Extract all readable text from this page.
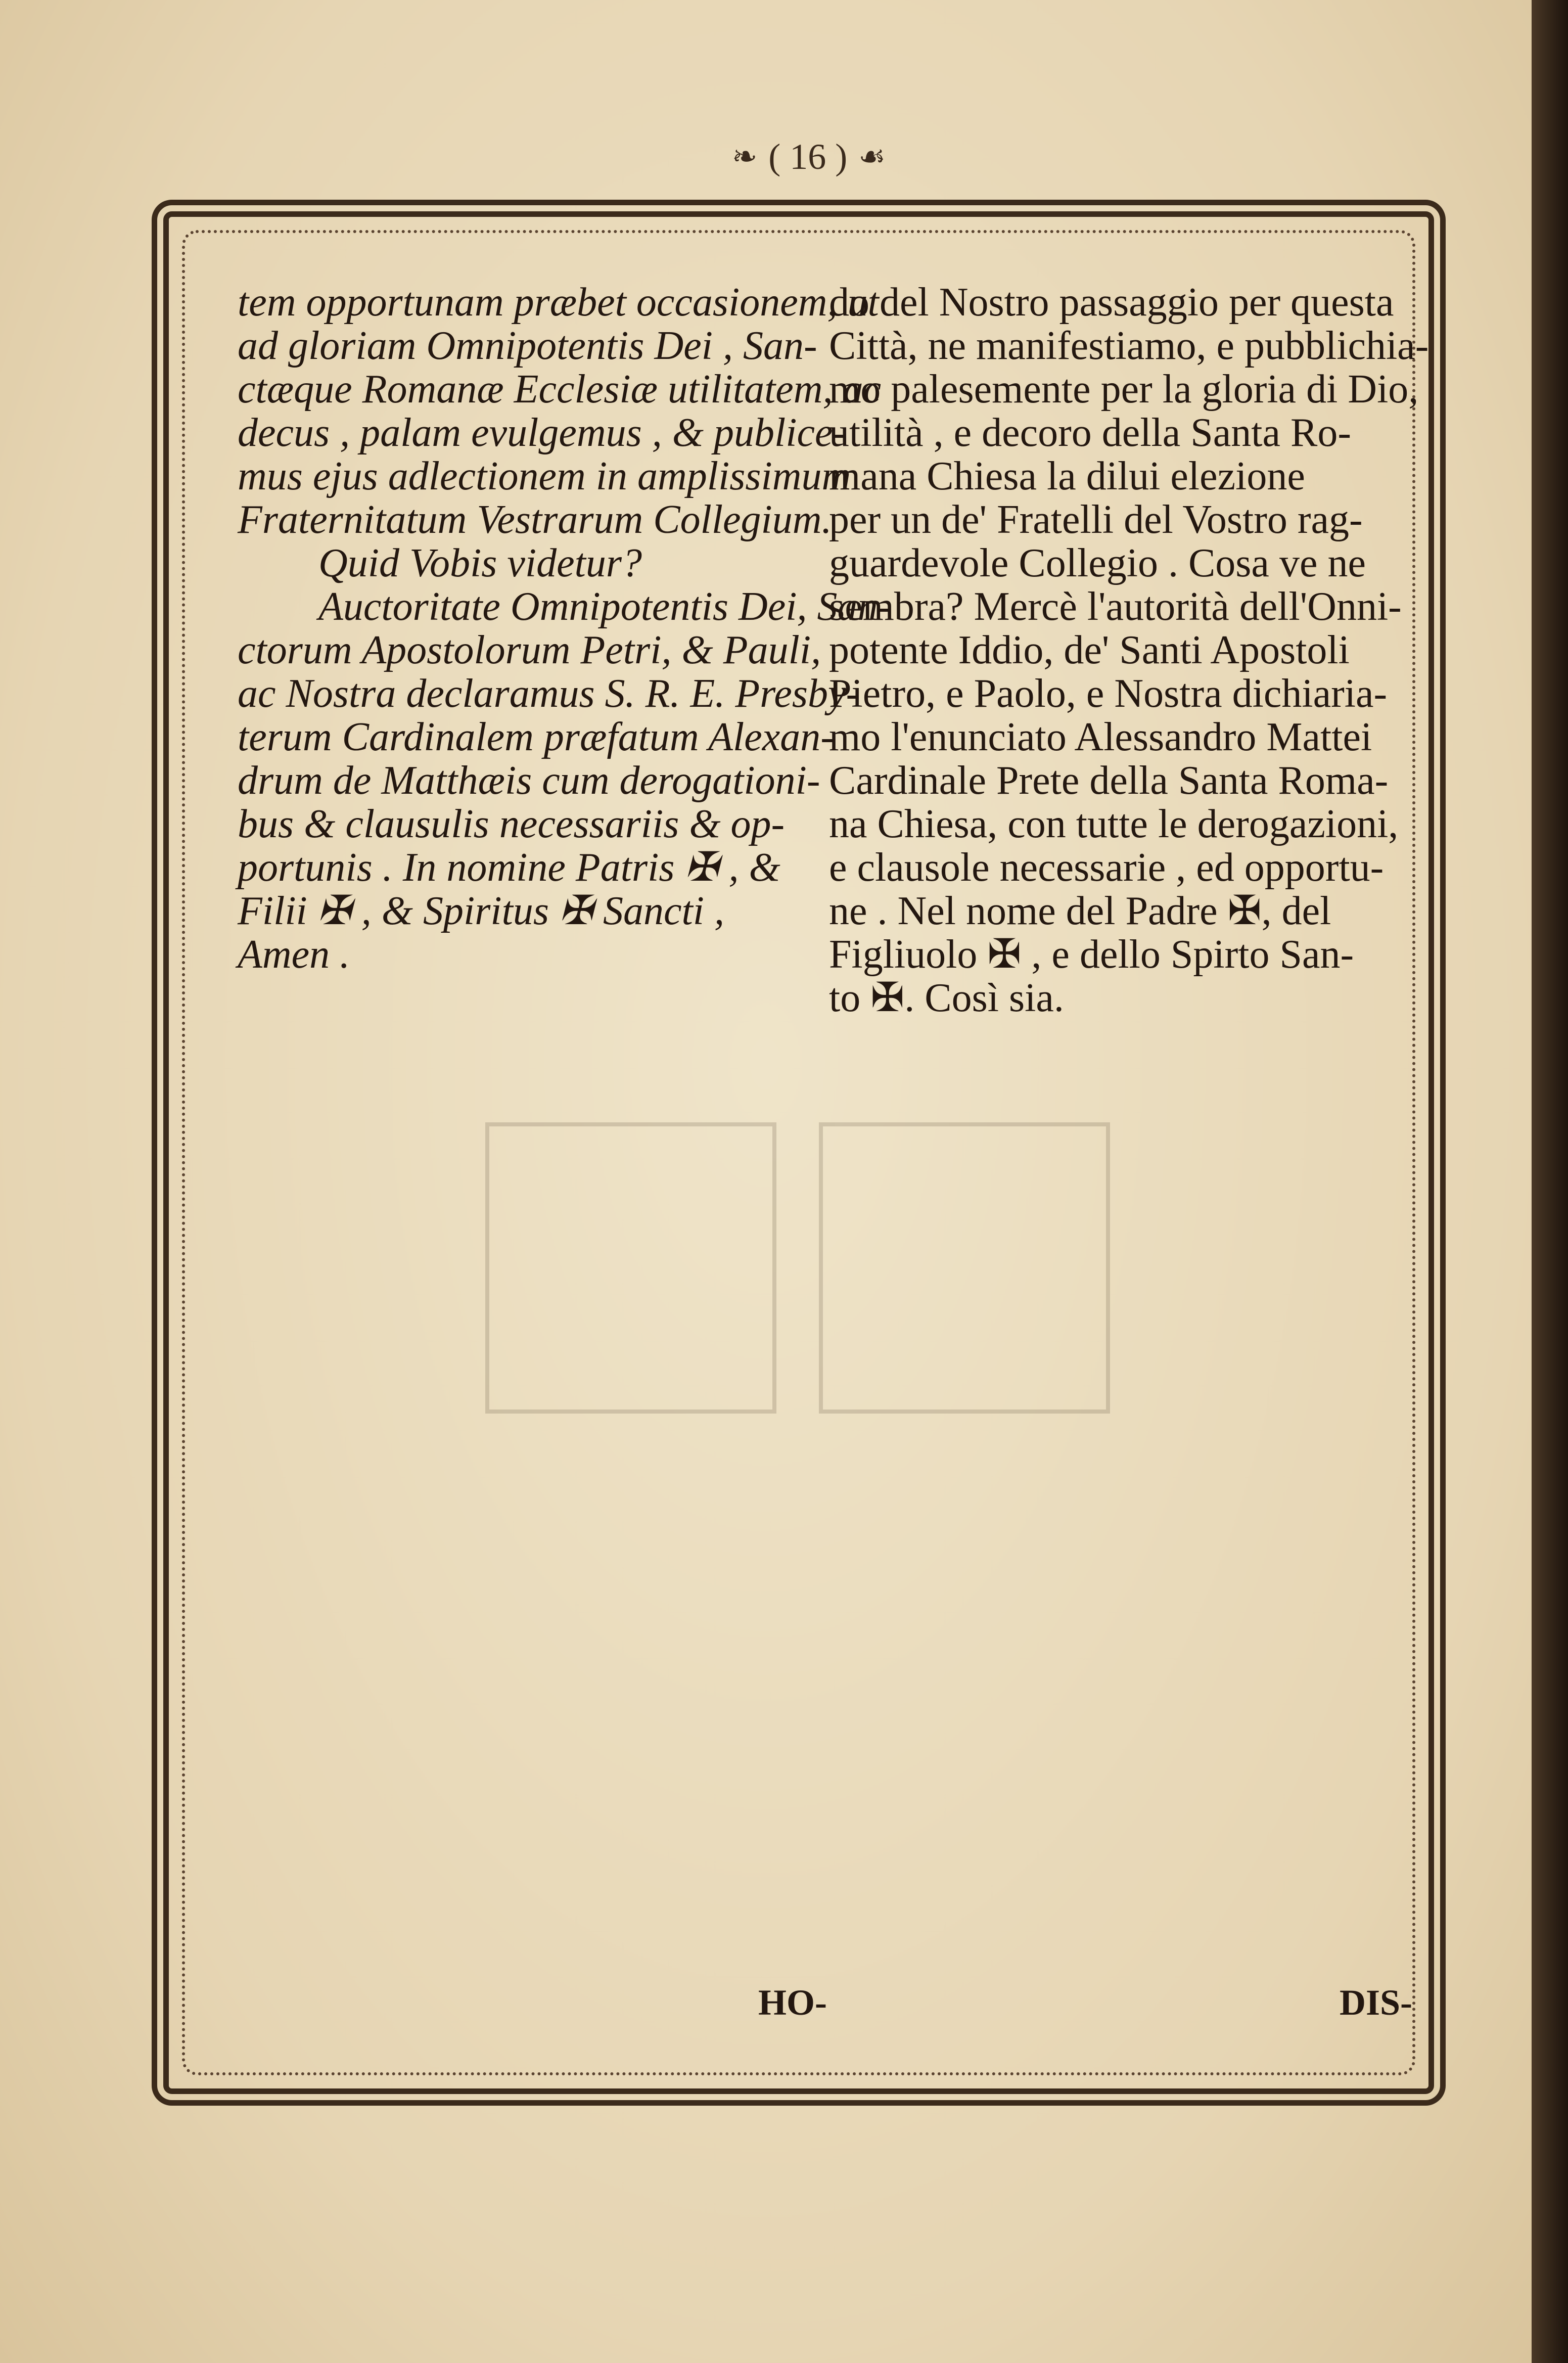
❧ ( 16 ) ☙
tem opportunam præbet occasionem, ut
ad gloriam Omnipotentis Dei , San-
ctæque Romanæ Ecclesiæ utilitatem, ac
decus , palam evulgemus , & publice-
mus ejus adlectionem in amplissimum
Fraternitatum Vestrarum Collegium.
Quid Vobis videtur?
Auctoritate Omnipotentis Dei, San-
ctorum Apostolorum Petri, & Pauli,
ac Nostra declaramus S. R. E. Presby-
terum Cardinalem præfatum Alexan-
drum de Matthæis cum derogationi-
bus & clausulis necessariis & op-
portunis . In nomine Patris ✠ , &
Filii ✠ , & Spiritus ✠ Sancti ,
Amen .
do del Nostro passaggio per questa
Città, ne manifestiamo, e pubblichia-
mo palesemente per la gloria di Dio,
utilità , e decoro della Santa Ro-
mana Chiesa la dilui elezione
per un de' Fratelli del Vostro rag-
guardevole Collegio . Cosa ve ne
sembra? Mercè l'autorità dell'Onni-
potente Iddio, de' Santi Apostoli
Pietro, e Paolo, e Nostra dichiaria-
mo l'enunciato Alessandro Mattei
Cardinale Prete della Santa Roma-
na Chiesa, con tutte le derogazioni,
e clausole necessarie , ed opportu-
ne . Nel nome del Padre ✠, del
Figliuolo ✠ , e dello Spirto San-
to ✠. Così sia.
HO-	DIS-
